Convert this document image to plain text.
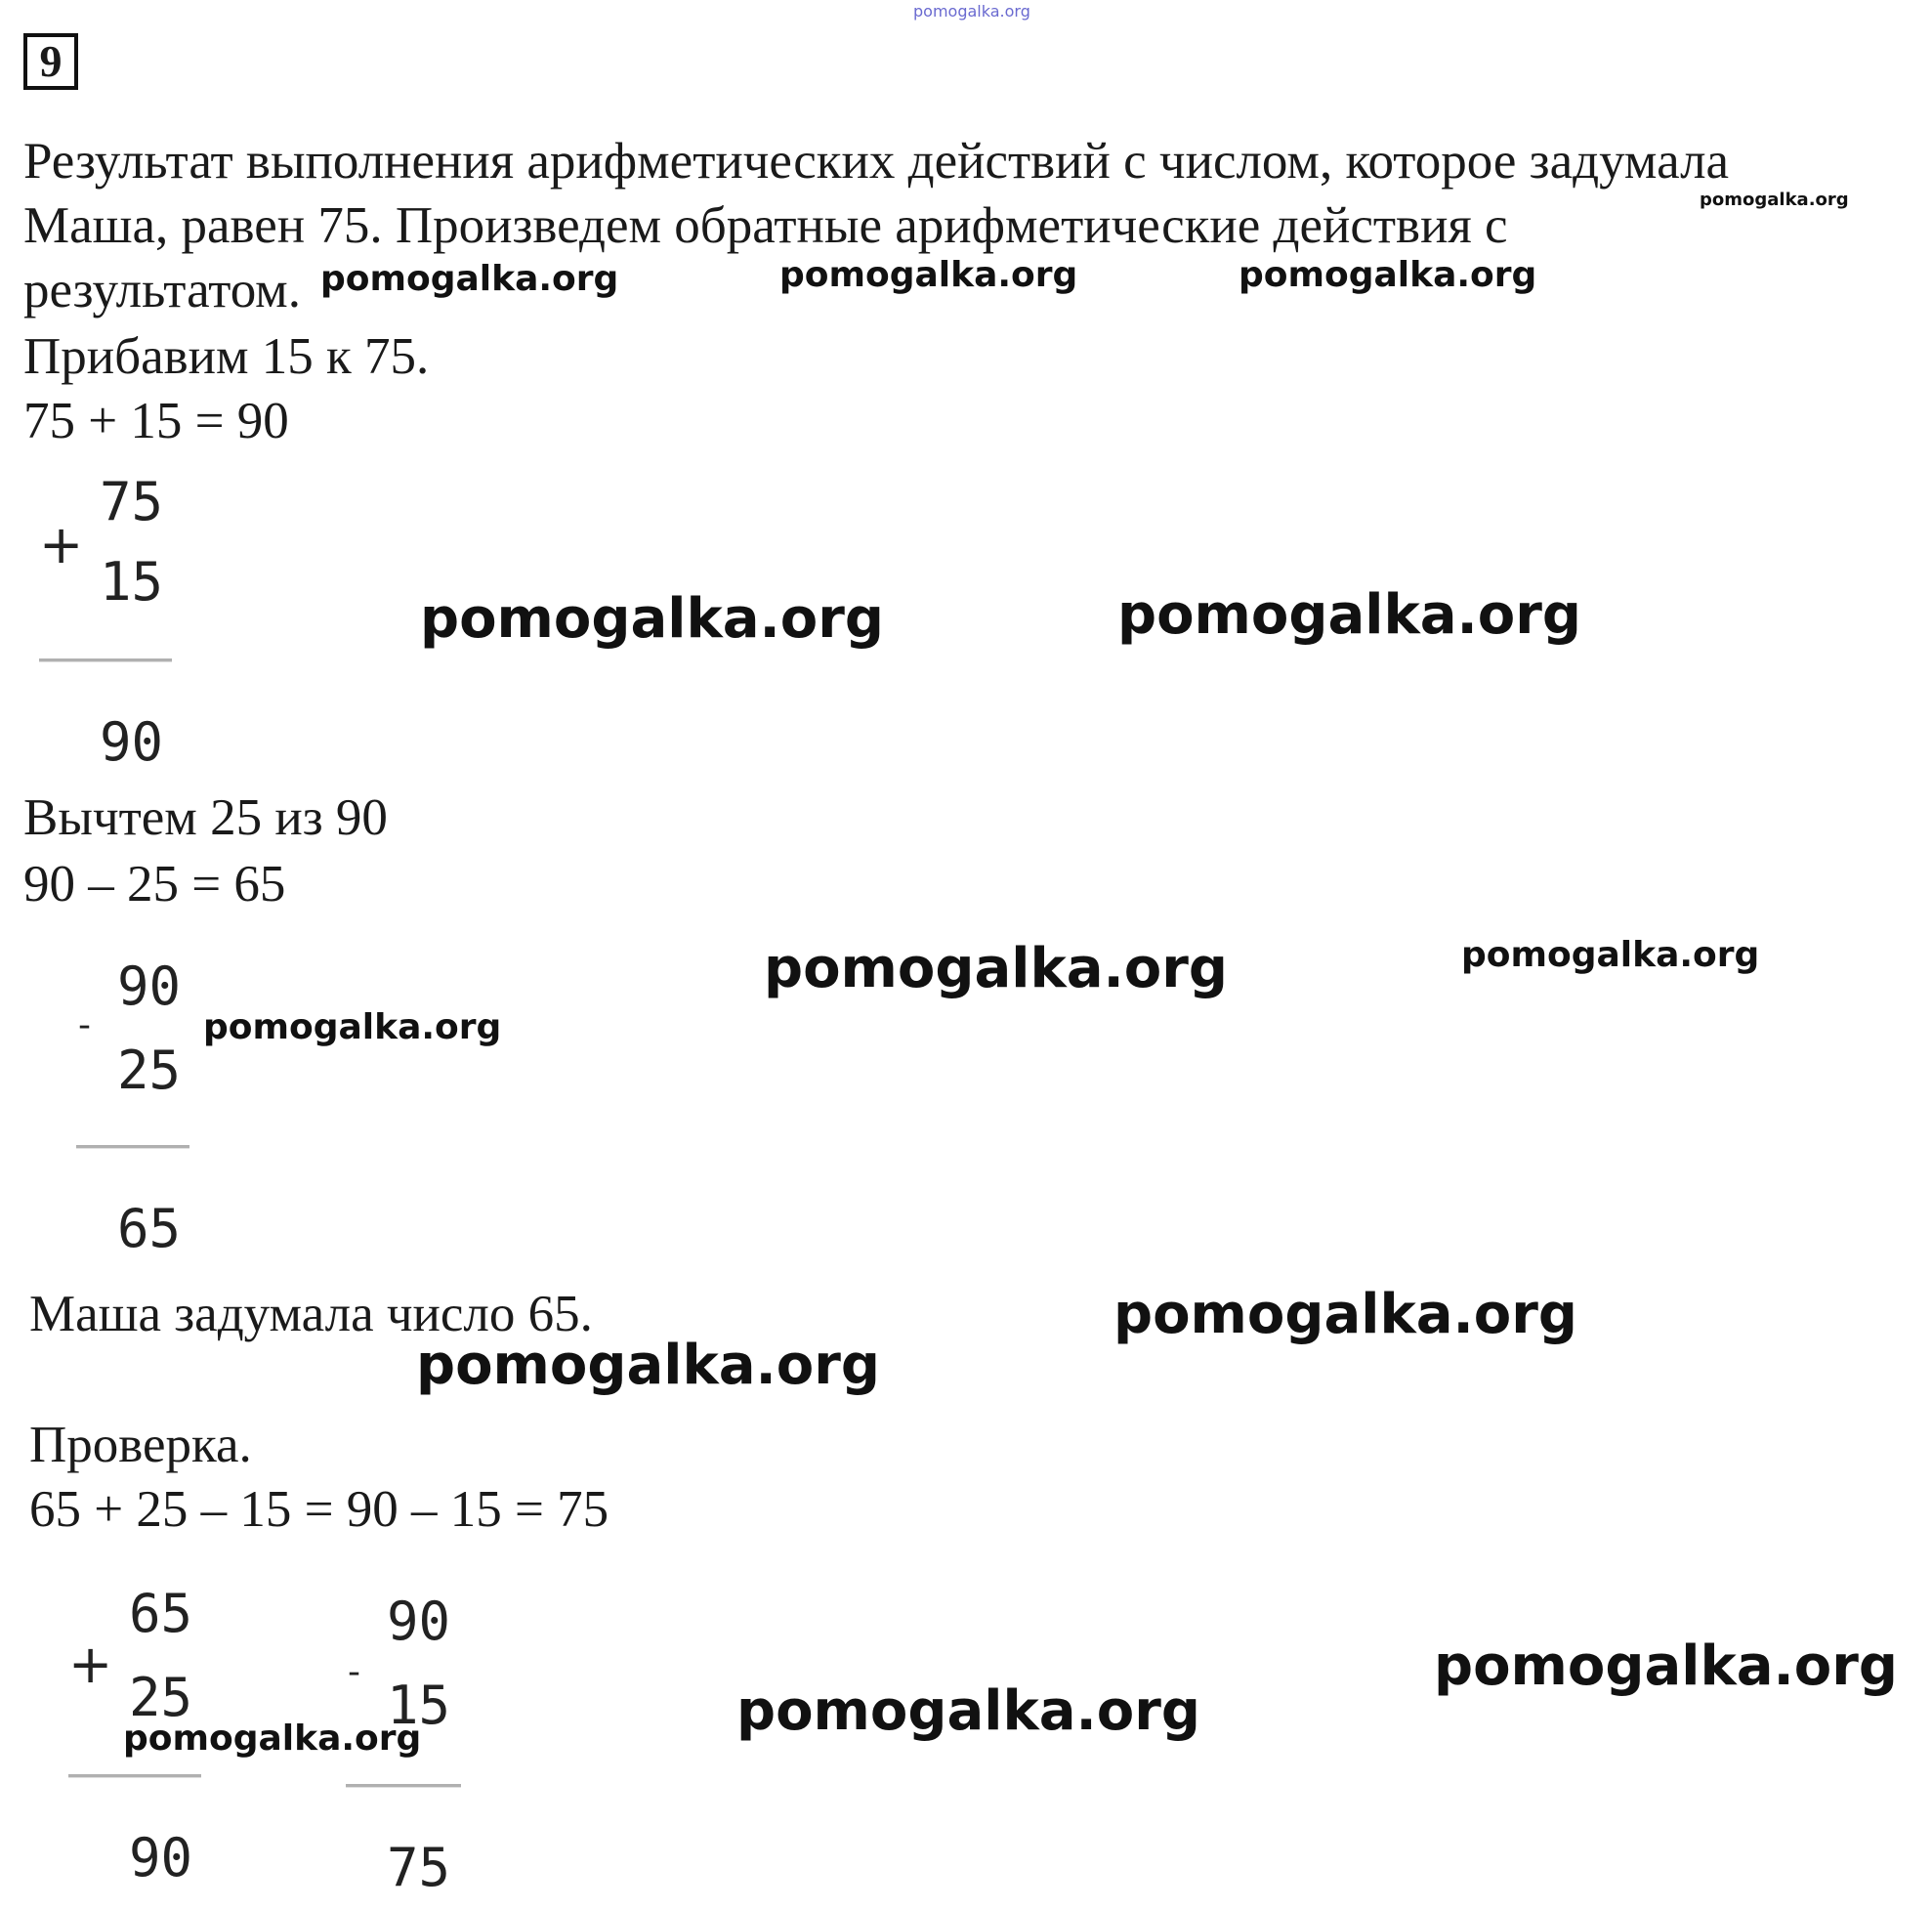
pomogalka.org
9
Результат выполнения арифметических действий с числом, которое задумала
Маша, равен 75. Произведем обратные арифметические действия с
результатом.
Прибавим 15 к 75.
75 + 15 = 90
+
75
15
90
Вычтем 25 из 90
90 – 25 = 65
-
90
25
65
Маша задумала число 65.
Проверка.
65 + 25 – 15 = 90 – 15 = 75
+
65
25
90
-
90
15
75
pomogalka.org
pomogalka.org	pomogalka.org	pomogalka.org
pomogalka.org	pomogalka.org
pomogalka.org	pomogalka.org
pomogalka.org
pomogalka.org
pomogalka.org
pomogalka.org
pomogalka.org
pomogalka.org
